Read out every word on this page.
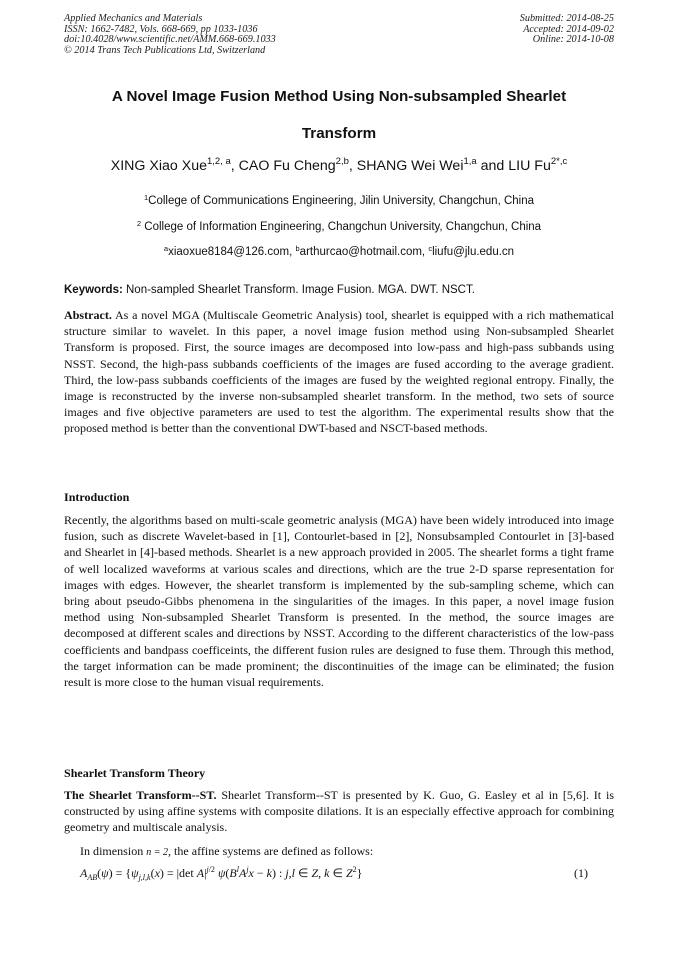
Applied Mechanics and Materials
ISSN: 1662-7482, Vols. 668-669, pp 1033-1036
doi:10.4028/www.scientific.net/AMM.668-669.1033
© 2014 Trans Tech Publications Ltd, Switzerland
Submitted: 2014-08-25
Accepted: 2014-09-02
Online: 2014-10-08
A Novel Image Fusion Method Using Non-subsampled Shearlet
Transform
XING Xiao Xue$^{1,2, a}$, CAO Fu Cheng$^{2,b}$, SHANG Wei Wei$^{1,a}$ and LIU $Fu^{2*,c}$
$^1$College of Communications Engineering, Jilin University, Changchun, China
$^2$ College of Information Engineering, Changchun University, Changchun, China
$^a$xiaoxue8184@126.com, $^b$arthurcao@hotmail.com, $^c$liufu@jlu.edu.cn
Keywords: Non-sampled Shearlet Transform. Image Fusion. MGA. DWT. NSCT.
Abstract. As a novel MGA (Multiscale Geometric Analysis) tool, shearlet is equipped with a rich mathematical structure similar to wavelet. In this paper, a novel image fusion method using Non-subsampled Shearlet Transform is proposed. First, the source images are decomposed into low-pass and high-pass subbands using NSST. Second, the high-pass subbands coefficients of the images are fused according to the average gradient. Third, the low-pass subbands coefficients of the images are fused by the weighted regional entropy. Finally, the image is reconstructed by the inverse non-subsampled shearlet transform. In the method, two sets of source images and five objective parameters are used to test the algorithm. The experimental results show that the proposed method is better than the conventional DWT-based and NSCT-based methods.
Introduction
Recently, the algorithms based on multi-scale geometric analysis (MGA) have been widely introduced into image fusion, such as discrete Wavelet-based in [1], Contourlet-based in [2], Nonsubsampled Contourlet in [3]-based and Shearlet in [4]-based methods. Shearlet is a new approach provided in 2005. The shearlet forms a tight frame of well localized waveforms at various scales and directions, which are the true 2-D sparse representation for images with edges. However, the shearlet transform is implemented by the sub-sampling scheme, which can bring about pseudo-Gibbs phenomena in the singularities of the images. In this paper, a novel image fusion method using Non-subsampled Shearlet Transform is presented. In the method, the source images are decomposed at different scales and directions by NSST. According to the different characteristics of the low-pass coefficients and bandpass coefficeints, the different fusion rules are designed to fuse them. Through this method, the target information can be made prominent; the discontinuities of the image can be eliminated; the fusion result is more close to the human visual requirements.
Shearlet Transform Theory
The Shearlet Transform--ST. Shearlet Transform--ST is presented by K. Guo, G. Easley et al in [5,6]. It is constructed by using affine systems with composite dilations. It is an especially effective approach for combining geometry and multiscale analysis.
In dimension n = 2, the affine systems are defined as follows:
$A_{AB}(\psi) = \{\psi_{j,l,k}(x) = |\det$ $A|^{j/2}$ $\psi(B^lA^jx - k)$ : j,l ∈ Z, k ∈ $Z^2$}	(1)
